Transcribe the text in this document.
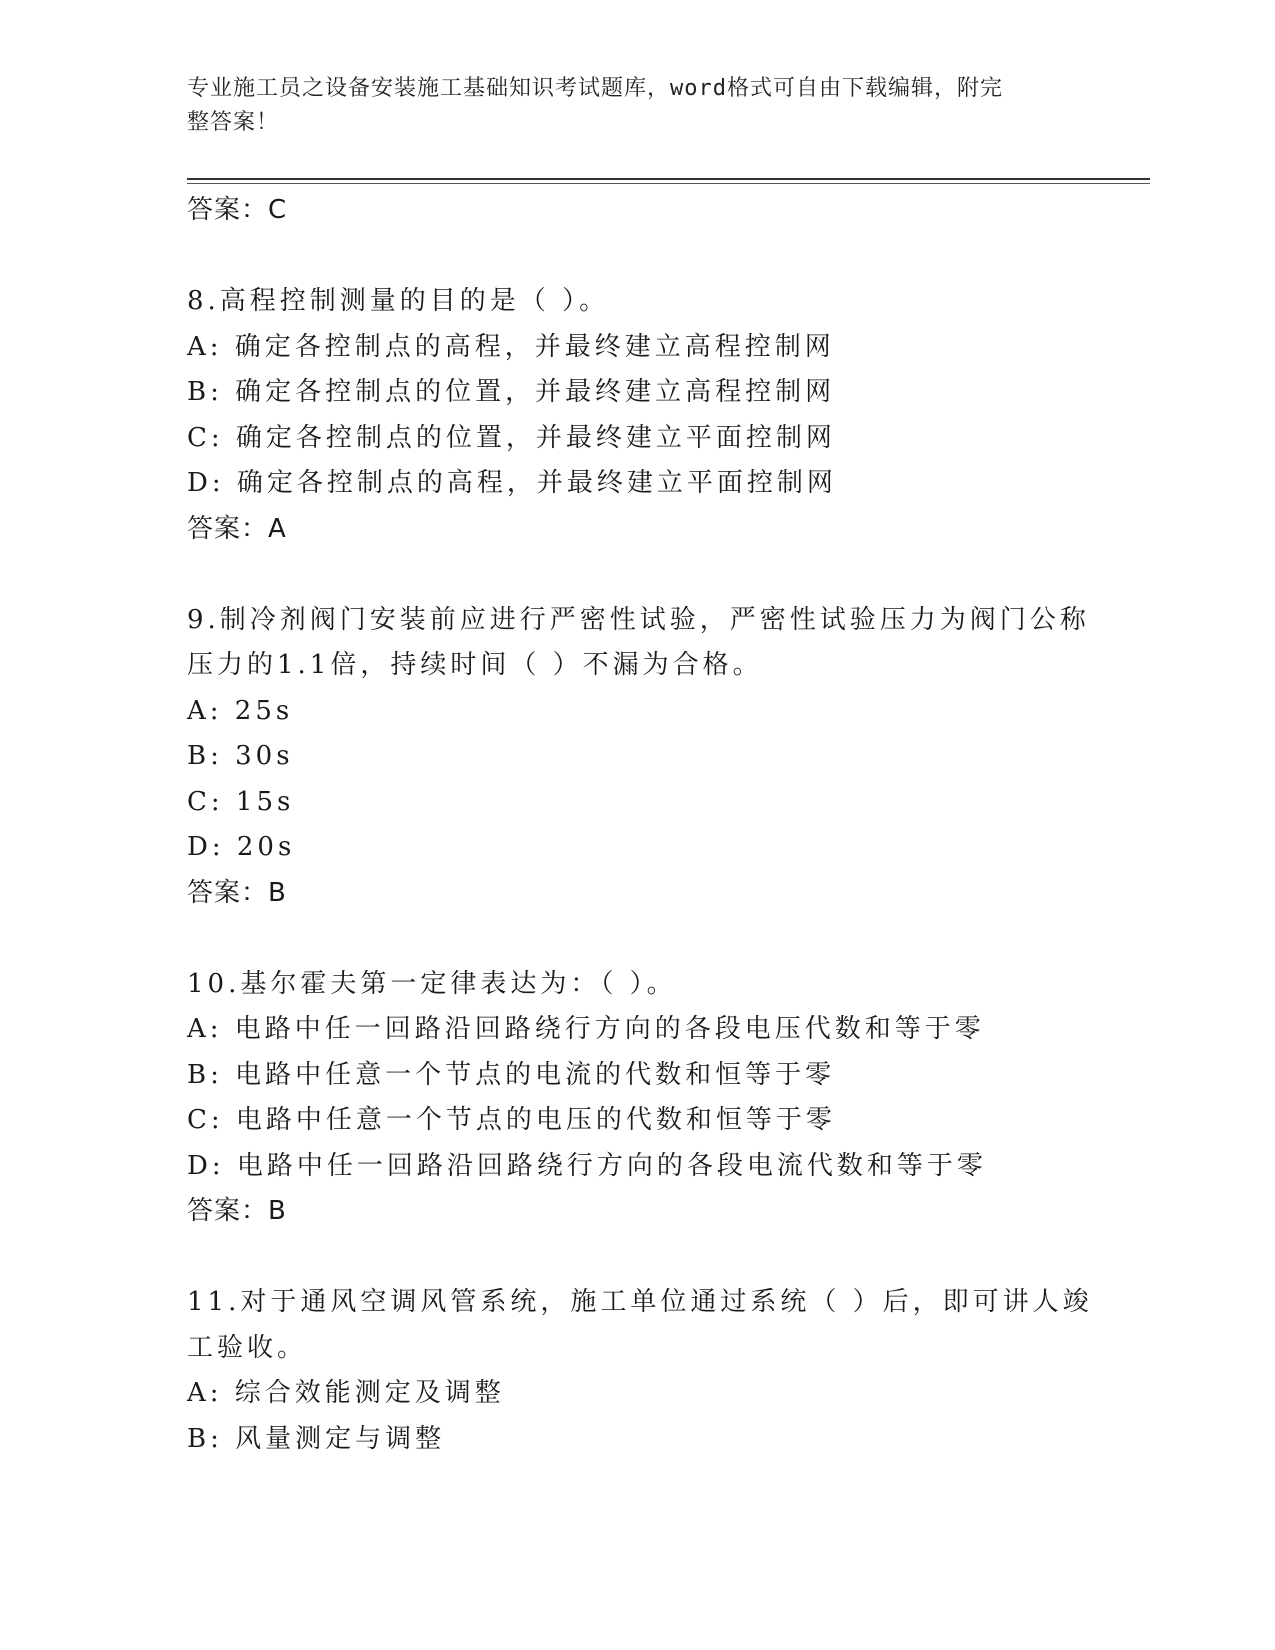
专业施工员之设备安装施工基础知识考试题库，word格式可自由下载编辑，附完
整答案！
答案：C
8.高程控制测量的目的是（ ）。
A: 确定各控制点的高程，并最终建立高程控制网
B: 确定各控制点的位置，并最终建立高程控制网
C: 确定各控制点的位置，并最终建立平面控制网
D: 确定各控制点的高程，并最终建立平面控制网
答案：A
9.制冷剂阀门安装前应进行严密性试验，严密性试验压力为阀门公称
压力的1.1倍，持续时间（ ）不漏为合格。
A: 25s
B: 30s
C: 15s
D: 20s
答案：B
10.基尔霍夫第一定律表达为：（ ）。
A: 电路中任一回路沿回路绕行方向的各段电压代数和等于零
B: 电路中任意一个节点的电流的代数和恒等于零
C: 电路中任意一个节点的电压的代数和恒等于零
D: 电路中任一回路沿回路绕行方向的各段电流代数和等于零
答案：B
11.对于通风空调风管系统，施工单位通过系统（ ）后，即可讲人竣
工验收。
A: 综合效能测定及调整
B: 风量测定与调整
